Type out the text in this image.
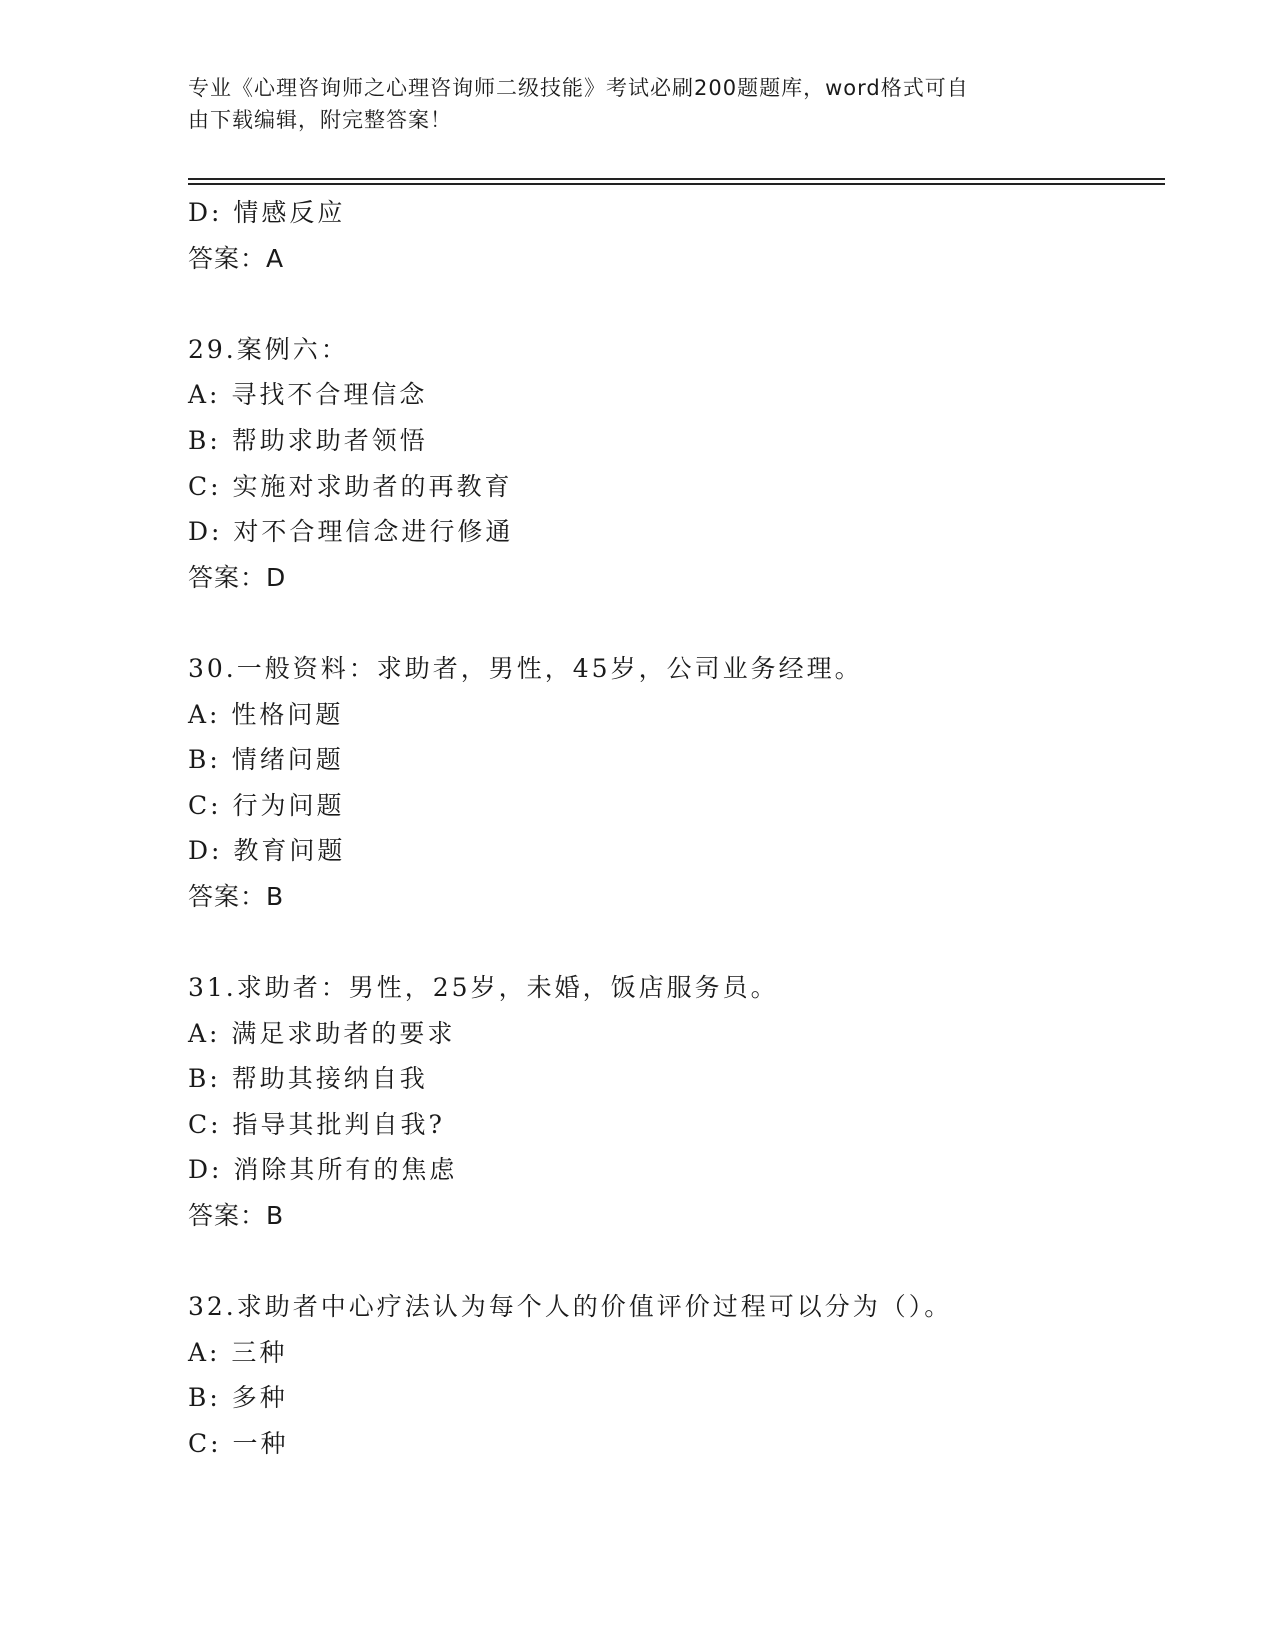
专业《心理咨询师之心理咨询师二级技能》考试必刷200题题库，word格式可自
由下载编辑，附完整答案！
D: 情感反应
答案：A
29.案例六：
A: 寻找不合理信念
B: 帮助求助者领悟
C: 实施对求助者的再教育
D: 对不合理信念进行修通
答案：D
30.一般资料：求助者，男性，45岁，公司业务经理。
A: 性格问题
B: 情绪问题
C: 行为问题
D: 教育问题
答案：B
31.求助者：男性，25岁，未婚，饭店服务员。
A: 满足求助者的要求
B: 帮助其接纳自我
C: 指导其批判自我?
D: 消除其所有的焦虑
答案：B
32.求助者中心疗法认为每个人的价值评价过程可以分为（）。
A: 三种
B: 多种
C: 一种
